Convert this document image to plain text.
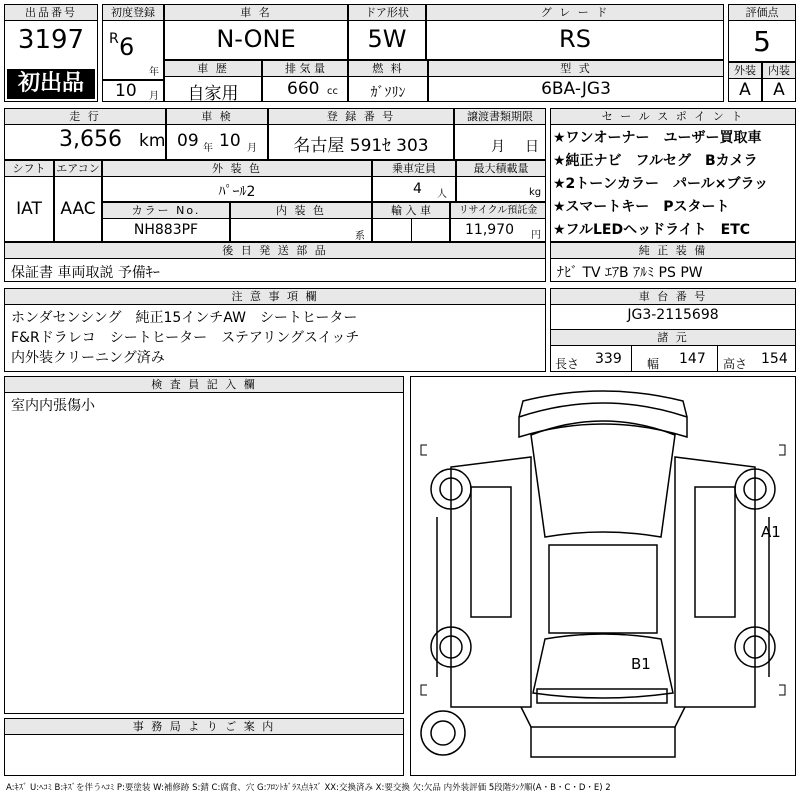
出品番号
3197
初出品
初度登録
R 6
年
車 名
N-ONE
ドア形状
5W
グ レ ー ド
RS
評価点
5
10 月
車 歴
自家用
排 気 量
660 cc
燃 料
ｶﾞｿﾘﾝ
型 式
6BA-JG3
外装
A
内装
A
走 行
3,656 km
車 検
09 年 10 月
登 録 番 号
名古屋 591ｾ 303
譲渡書類期限
月 日
セ ー ル ス ポ イ ン ト
★ワンオーナー　ユーザー買取車
★純正ナビ　フルセグ　Bカメラ
★2トーンカラー　パール×ブラッ
★スマートキー　Pスタート
★フルLEDヘッドライト　ETC
シフト
IAT
エアコン
AAC
外 装 色
ﾊﾟｰﾙ2
乗車定員
4 人
最大積載量
kg
カラー No.
NH883PF
内 装 色
系
輸 入 車	リサイクル預託金
11,970 円
後 日 発 送 部 品
保証書 車両取説 予備ｷｰ
純 正 装 備
ﾅﾋﾞ TV ｴｱB ｱﾙﾐ PS PW
注 意 事 項 欄
ホンダセンシング　純正15インチAW　シートヒーター
F&Rドラレコ　シートヒーター　ステアリングスイッチ
内外装クリーニング済み
車 台 番 号
JG3-2115698
諸 元
長さ 339 幅 147 高さ 154
検 査 員 記 入 欄
室内内張傷小
事 務 局 よ り ご 案 内
A1
B1
A:ｷｽﾞ U:ﾍｺﾐ B:ｷｽﾞを伴うﾍｺﾐ P:要塗装 W:補修跡 S:錆 C:腐食、穴 G:ﾌﾛﾝﾄｶﾞﾗｽ点ｷｽﾞ XX:交換済み X:要交換 欠:欠品 内外装評価 5段階ﾗﾝｸ順(A・B・C・D・E) 2
